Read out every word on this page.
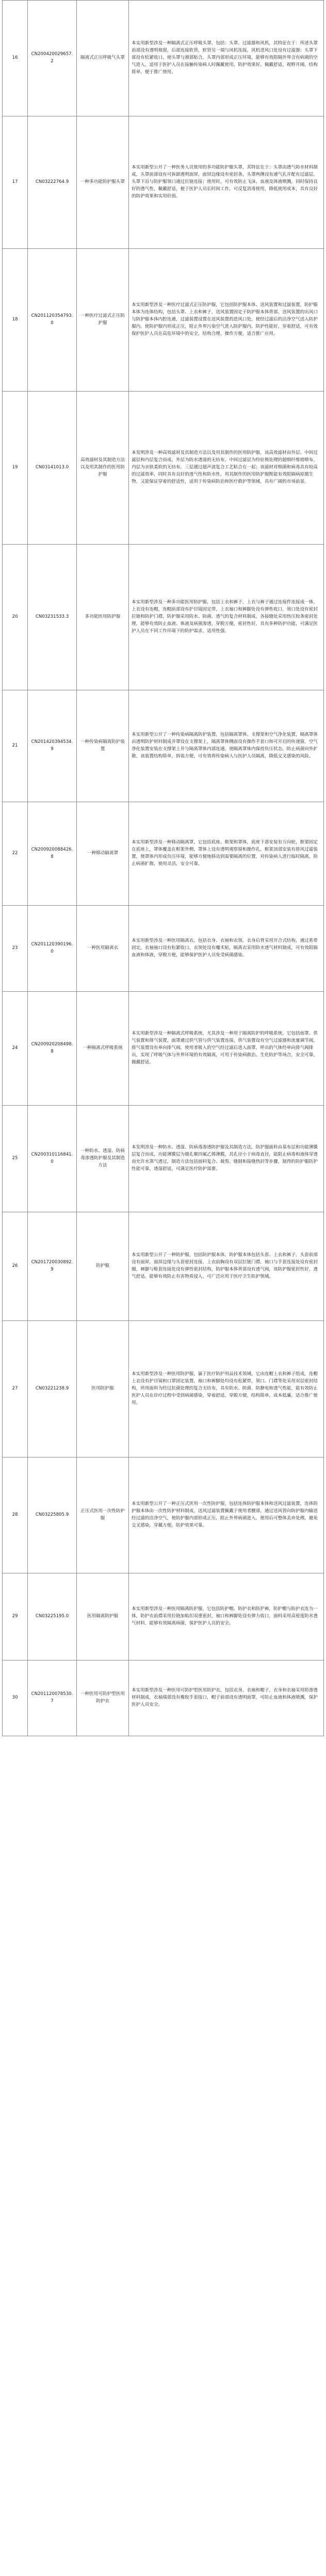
16	CN200420029657.2	隔离式正压呼吸气头罩	本实用新型涉及一种隔离式正压呼吸头罩，包括：头罩、过滤器和风机，其特征在于：所述头罩前部设有透明视窗，后部连接软管，软管另一端与风机连接，风机进风口处设有过滤器；头罩下部设有松紧收口，使头罩与颈部贴合，头罩内部形成正压环境，能够有效阻隔外界含有病菌的空气进入，适用于医护人员在接触传染病人时佩戴使用，防护效果好，佩戴舒适，视野开阔，结构简单，便于推广使用。
17	CN03222764.9	一种多功能防护服头罩	本实用新型公开了一种医务人员使用的多功能防护服头罩，其特征在于：头罩由透气防水材料制成，头罩前部设有可拆卸透明面屏，面屏边缘设有密封条，头罩两侧设有通气孔并配有过滤层，头罩下沿与防护服领口通过拉链连接；使用时，可有效防止飞沫、血液及体液喷溅，同时保持良好的透气性，佩戴舒适，便于医护人员长时间工作，可反复消毒使用，降低使用成本，具有良好的防护效果和实用价值。
18	CN201120354793.0	一种医疗过滤式正压防护服	本实用新型涉及一种医疗过滤式正压防护服，它包括防护服本体、送风装置和过滤装置，防护服本体为连体结构，包括头罩、上衣和裤子，送风装置固定于防护服本体背部，送风装置的出风口与防护服本体内腔连通，过滤装置设置在送风装置的进风口处，使经过滤后的洁净空气送入防护服内，使防护服内形成正压，阻止外界污染空气进入防护服内，防护性能好，穿着舒适，可有效保护医护人员在高危环境中的安全，结构合理，操作方便，适合推广应用。
19	CN03141013.0	高效滤材及其制造方法以及用其制作的医用防护服	本发明涉及一种高效滤材及其制造方法以及用其制作的医用防护服，该高效滤材由外层、中间过滤层和内层复合而成，外层为防水透湿的无纺布，中间过滤层为经驻极处理的超细纤维熔喷布，内层为亲肤柔软的无纺布，三层通过超声波复合工艺粘合在一起；该滤材对细菌和病毒具有较高的过滤效率，同时具有良好的透气性和防水性，用其制作的医用防护服既能有效阻隔病原微生物，又能保证穿着的舒适性，适用于传染病防治和医疗救护等领域，具有广阔的市场前景。
20	CN03231533.3	多功能医用防护服	本实用新型涉及一种多功能医用防护服，包括上衣和裤子，上衣与裤子通过连接件连接成一体，上衣设有连帽，连帽前部设有护目镜固定带，上衣袖口和裤脚处设有弹性收口，领口处设有密封拉链和防护门襟，防护服采用防水、防菌、透气的复合材料制成，各接缝处采用热压胶条密封处理，能够有效防止血液、体液及病菌渗透，穿脱方便，密封性好，具有多种防护功能，可满足医护人员在不同工作环境下的防护需求，适用性强。
21	CN201420394534.9	一种传染病隔离防护装置	本实用新型公开了一种传染病隔离防护装置，包括隔离罩体、支撑架和空气净化装置，隔离罩体由透明防护材料制成并罩设在支撑架上，隔离罩体侧面设有操作手套口和可开启的传递窗，空气净化装置安装在支撑架上并与隔离罩体内部连通，使隔离罩体内保持负压状态，防止病菌向外扩散，该装置结构简单，拆装方便，可有效将传染病人与医护人员隔离，降低交叉感染的风险。
22	CN200920088426.8	一种移动隔离罩	本实用新型涉及一种移动隔离罩，它包括底座、框架和罩体，底座下部安装有万向轮，框架固定在底座上，罩体覆盖在框架外侧，罩体上设有透明观察窗和操作孔，框架顶部安装有排风过滤装置，使罩体内形成负压环境，能够方便地移动到需要隔离的位置，对传染病人进行临时隔离，防止病菌扩散，使用灵活，安全可靠。
23	CN201120390196.0	一种医用隔离衣	本实用新型涉及一种医用隔离衣，包括衣身、衣袖和衣领，衣身后背采用开合式结构，通过系带固定，衣袖袖口设有松紧收口，衣领处设有魔术贴，隔离衣采用防水透气材料制成，可有效阻隔血液和体液，穿脱方便，能够保护医护人员免受病菌感染。
24	CN200920208498.8	一种隔离式呼吸系统	本实用新型涉及一种隔离式呼吸系统，尤其涉及一种用于隔离防护的呼吸系统，它包括面罩、供气装置和排气装置，面罩通过供气管与供气装置连接，供气装置设有空气过滤器和流量调节阀，排气装置设有单向排气阀，使用者吸入的空气经过滤后进入面罩，呼出的气体经单向排气阀排出，实现了呼吸气体与外界环境的有效隔离，可用于传染病救治、生化防护等场合，安全可靠，佩戴舒适。
25	CN200310116841.0	一种防水、透湿、防病毒渗透防护服及其制造方法	本发明涉及一种防水、透湿、防病毒渗透防护服及其制造方法，防护服面料由基布层和功能薄膜层复合而成，功能薄膜层为微孔聚四氟乙烯薄膜，其孔径小于病毒直径，能阻止病毒和液体穿透而允许水蒸气透过，制造方法包括面料复合、裁剪、缝制和接缝热封等步骤，制得的防护服防护性能可靠，透湿舒适，可满足医疗防护需要。
26	CN201720030892.9	防护服	本实用新型公开了一种防护服，包括防护服本体，防护服本体包括头套、上衣和裤子，头套前部设有面屏，面屏边缘与头套密封连接，上衣前胸设有双层拉链门襟，袖口与手套连接处设有密封圈，裤脚与鞋套连接处设有弹性密封结构，防护服本体背部设有透气阀，该防护服密封性好，透气舒适，能够有效防止有害物质侵入，可广泛应用于医疗卫生防护领域。
27	CN03221238.9	医用防护服	本实用新型涉及一种医用防护服，属于医疗防护用品技术领域，它由连帽上衣和裤子组成，连帽上衣设有护目镜和口罩固定装置，袖口和裤脚处均设有松紧带，领口、门襟等处采用双层密封结构，所用面料为经过抗菌处理的复合无纺布，具有防水、防菌、防静电和透气性能，能有效防止医护人员在诊疗过程中受到病菌感染，穿着舒适，穿脱方便，结构简单，成本低廉，适合推广使用。
28	CN03225805.9	正压式医用一次性防护服	本实用新型公开了一种正压式医用一次性防护服，包括连体防护服本体和送风过滤装置，连体防护服本体由一次性防护材料制成，送风过滤装置佩戴于使用者腰部，通过送风管向防护服内输送经过滤的洁净空气，使防护服内部形成正压，阻止外界病菌进入，使用后可整体丢弃处理，避免交叉感染，穿戴方便，防护效果可靠。
29	CN03225195.0	医用隔离防护服	本实用新型涉及一种医用隔离防护服，它包括防护帽、防护衣和防护裤，防护帽与防护衣连为一体，防护衣前襟采用拉链加粘扣双重密封，袖口和裤脚处设有弹力收口，面料采用高密度防水透气材料，能够有效隔离病菌，保护医护人员的安全。
30	CN201120078530.7	一种医用可防护型医用防护衣	本实用新型涉及一种医用可防护型医用防护衣，包括衣身、衣袖和帽子，衣身和衣袖采用防渗透材料制成，衣袖端部设有橡胶手套接口，帽子前部设有透明面罩，可防止血液和体液喷溅，保护医护人员安全。
